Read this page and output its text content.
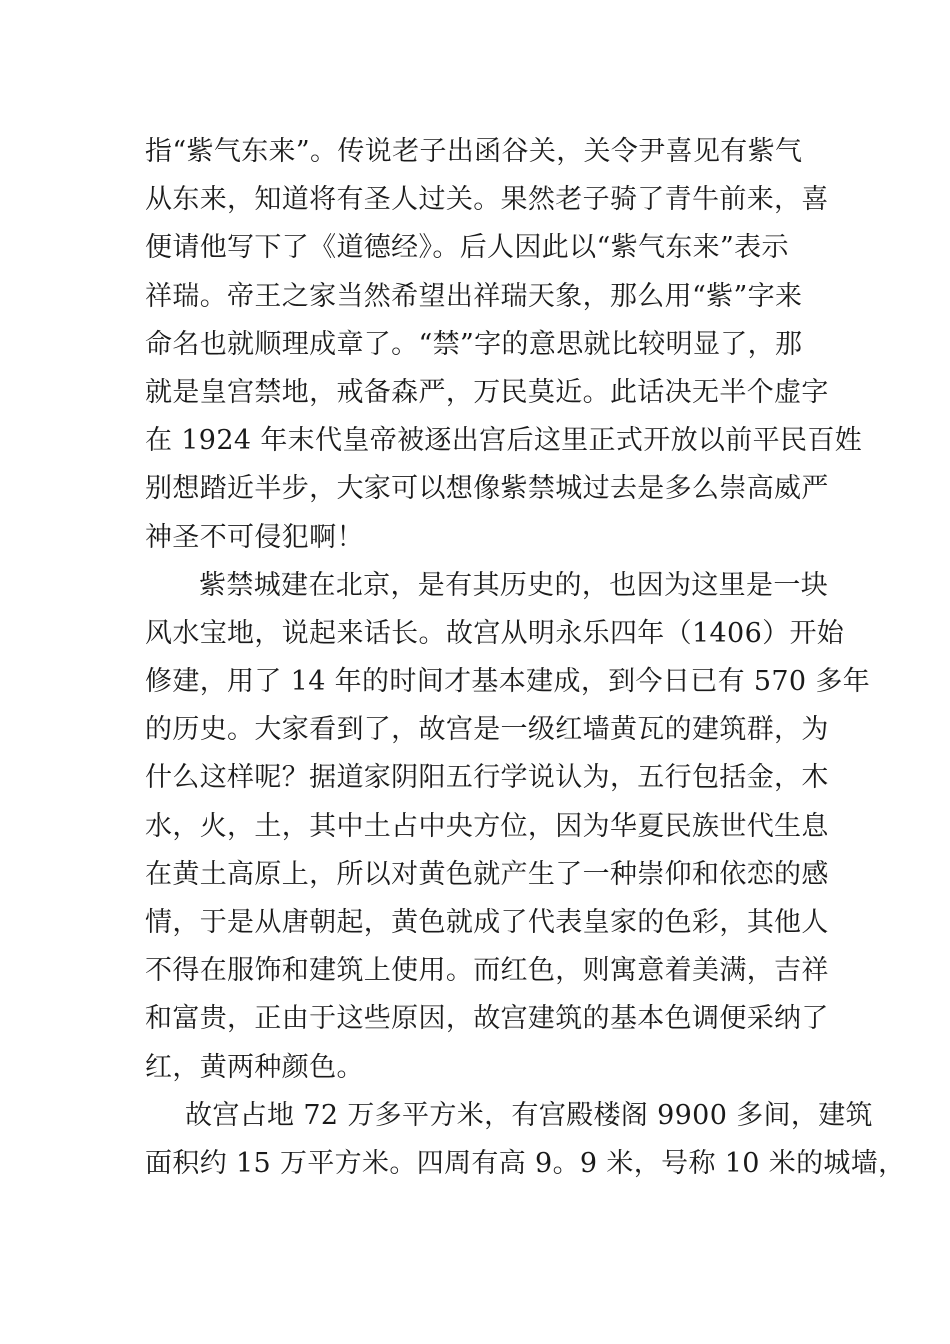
指“紫气东来”。传说老子出函谷关，关令尹喜见有紫气
从东来，知道将有圣人过关。果然老子骑了青牛前来，喜
便请他写下了《道德经》。后人因此以“紫气东来”表示
祥瑞。帝王之家当然希望出祥瑞天象，那么用“紫”字来
命名也就顺理成章了。“禁”字的意思就比较明显了，那
就是皇宫禁地，戒备森严，万民莫近。此话决无半个虚字
在 1924 年末代皇帝被逐出宫后这里正式开放以前平民百姓
别想踏近半步，大家可以想像紫禁城过去是多么崇高威严
神圣不可侵犯啊！
紫禁城建在北京，是有其历史的，也因为这里是一块
风水宝地，说起来话长。故宫从明永乐四年（1406）开始
修建，用了 14 年的时间才基本建成，到今日已有 570 多年
的历史。大家看到了，故宫是一级红墙黄瓦的建筑群，为
什么这样呢？据道家阴阳五行学说认为，五行包括金，木
水，火，土，其中土占中央方位，因为华夏民族世代生息
在黄土高原上，所以对黄色就产生了一种崇仰和依恋的感
情，于是从唐朝起，黄色就成了代表皇家的色彩，其他人
不得在服饰和建筑上使用。而红色，则寓意着美满，吉祥
和富贵，正由于这些原因，故宫建筑的基本色调便采纳了
红，黄两种颜色。
故宫占地 72 万多平方米，有宫殿楼阁 9900 多间，建筑
面积约 15 万平方米。四周有高 9。9 米，号称 10 米的城墙，
